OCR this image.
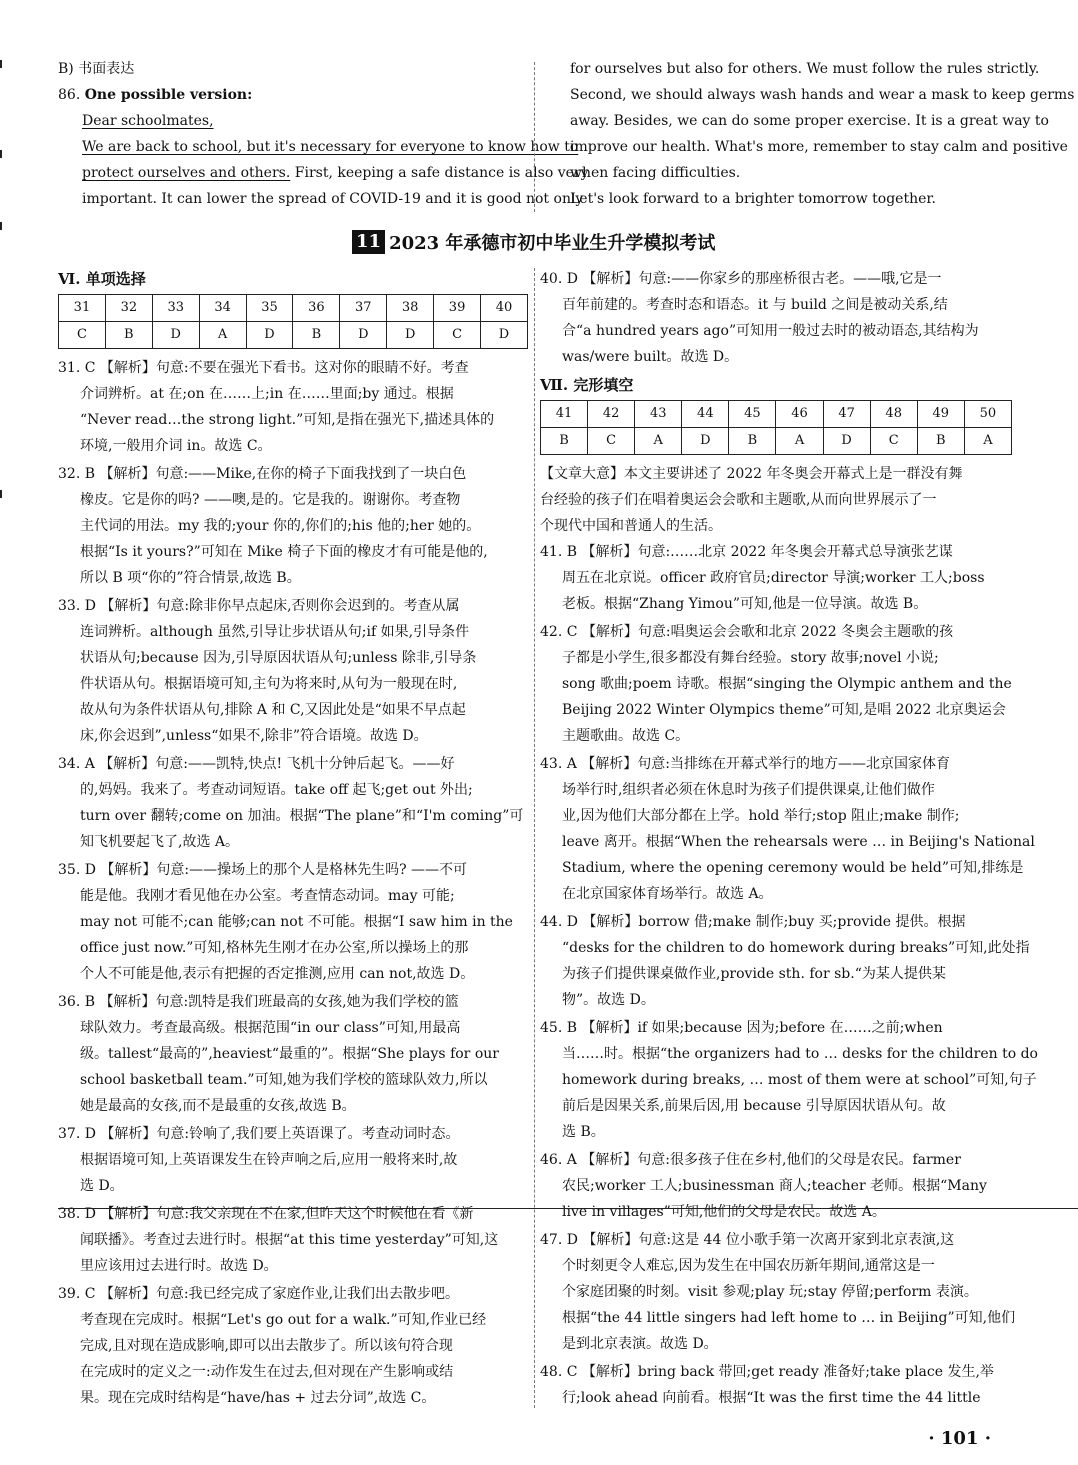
B) 书面表达
86. One possible version:
Dear schoolmates,
We are back to school, but it's necessary for everyone to know how to
protect ourselves and others. First, keeping a safe distance is also very
important. It can lower the spread of COVID-19 and it is good not only
for ourselves but also for others. We must follow the rules strictly.
Second, we should always wash hands and wear a mask to keep germs
away. Besides, we can do some proper exercise. It is a great way to
improve our health. What's more, remember to stay calm and positive
when facing difficulties.
Let's look forward to a brighter tomorrow together.
11 2023 年承德市初中毕业生升学模拟考试
Ⅵ. 单项选择
31	32	33	34	35	36	37	38	39	40
C	B	D	A	D	B	D	D	C	D
31. C 【解析】句意:不要在强光下看书。这对你的眼睛不好。考查
介词辨析。at 在;on 在……上;in 在……里面;by 通过。根据
“Never read…the strong light.”可知,是指在强光下,描述具体的
环境,一般用介词 in。故选 C。
32. B 【解析】句意:——Mike,在你的椅子下面我找到了一块白色
橡皮。它是你的吗? ——噢,是的。它是我的。谢谢你。考查物
主代词的用法。my 我的;your 你的,你们的;his 他的;her 她的。
根据“Is it yours?”可知在 Mike 椅子下面的橡皮才有可能是他的,
所以 B 项“你的”符合情景,故选 B。
33. D 【解析】句意:除非你早点起床,否则你会迟到的。考查从属
连词辨析。although 虽然,引导让步状语从句;if 如果,引导条件
状语从句;because 因为,引导原因状语从句;unless 除非,引导条
件状语从句。根据语境可知,主句为将来时,从句为一般现在时,
故从句为条件状语从句,排除 A 和 C,又因此处是“如果不早点起
床,你会迟到”,unless“如果不,除非”符合语境。故选 D。
34. A 【解析】句意:——凯特,快点! 飞机十分钟后起飞。——好
的,妈妈。我来了。考查动词短语。take off 起飞;get out 外出;
turn over 翻转;come on 加油。根据“The plane”和“I'm coming”可
知飞机要起飞了,故选 A。
35. D 【解析】句意:——操场上的那个人是格林先生吗? ——不可
能是他。我刚才看见他在办公室。考查情态动词。may 可能;
may not 可能不;can 能够;can not 不可能。根据“I saw him in the
office just now.”可知,格林先生刚才在办公室,所以操场上的那
个人不可能是他,表示有把握的否定推测,应用 can not,故选 D。
36. B 【解析】句意:凯特是我们班最高的女孩,她为我们学校的篮
球队效力。考查最高级。根据范围“in our class”可知,用最高
级。tallest“最高的”,heaviest“最重的”。根据“She plays for our
school basketball team.”可知,她为我们学校的篮球队效力,所以
她是最高的女孩,而不是最重的女孩,故选 B。
37. D 【解析】句意:铃响了,我们要上英语课了。考查动词时态。
根据语境可知,上英语课发生在铃声响之后,应用一般将来时,故
选 D。
38. D 【解析】句意:我父亲现在不在家,但昨天这个时候他在看《新
闻联播》。考查过去进行时。根据“at this time yesterday”可知,这
里应该用过去进行时。故选 D。
39. C 【解析】句意:我已经完成了家庭作业,让我们出去散步吧。
考查现在完成时。根据“Let's go out for a walk.”可知,作业已经
完成,且对现在造成影响,即可以出去散步了。所以该句符合现
在完成时的定义之一:动作发生在过去,但对现在产生影响或结
果。现在完成时结构是“have/has + 过去分词”,故选 C。
40. D 【解析】句意:——你家乡的那座桥很古老。——哦,它是一
百年前建的。考查时态和语态。it 与 build 之间是被动关系,结
合“a hundred years ago”可知用一般过去时的被动语态,其结构为
was/were built。故选 D。
Ⅶ. 完形填空
41	42	43	44	45	46	47	48	49	50
B	C	A	D	B	A	D	C	B	A
【文章大意】本文主要讲述了 2022 年冬奥会开幕式上是一群没有舞
台经验的孩子们在唱着奥运会会歌和主题歌,从而向世界展示了一
个现代中国和普通人的生活。
41. B 【解析】句意:……北京 2022 年冬奥会开幕式总导演张艺谋
周五在北京说。officer 政府官员;director 导演;worker 工人;boss
老板。根据“Zhang Yimou”可知,他是一位导演。故选 B。
42. C 【解析】句意:唱奥运会会歌和北京 2022 冬奥会主题歌的孩
子都是小学生,很多都没有舞台经验。story 故事;novel 小说;
song 歌曲;poem 诗歌。根据“singing the Olympic anthem and the
Beijing 2022 Winter Olympics theme”可知,是唱 2022 北京奥运会
主题歌曲。故选 C。
43. A 【解析】句意:当排练在开幕式举行的地方——北京国家体育
场举行时,组织者必须在休息时为孩子们提供课桌,让他们做作
业,因为他们大部分都在上学。hold 举行;stop 阻止;make 制作;
leave 离开。根据“When the rehearsals were … in Beijing's National
Stadium, where the opening ceremony would be held”可知,排练是
在北京国家体育场举行。故选 A。
44. D 【解析】borrow 借;make 制作;buy 买;provide 提供。根据
“desks for the children to do homework during breaks”可知,此处指
为孩子们提供课桌做作业,provide sth. for sb.“为某人提供某
物”。故选 D。
45. B 【解析】if 如果;because 因为;before 在……之前;when
当……时。根据“the organizers had to … desks for the children to do
homework during breaks, … most of them were at school”可知,句子
前后是因果关系,前果后因,用 because 引导原因状语从句。故
选 B。
46. A 【解析】句意:很多孩子住在乡村,他们的父母是农民。farmer
农民;worker 工人;businessman 商人;teacher 老师。根据“Many
live in villages”可知,他们的父母是农民。故选 A。
47. D 【解析】句意:这是 44 位小歌手第一次离开家到北京表演,这
个时刻更令人难忘,因为发生在中国农历新年期间,通常这是一
个家庭团聚的时刻。visit 参观;play 玩;stay 停留;perform 表演。
根据“the 44 little singers had left home to … in Beijing”可知,他们
是到北京表演。故选 D。
48. C 【解析】bring back 带回;get ready 准备好;take place 发生,举
行;look ahead 向前看。根据“It was the first time the 44 little
· 101 ·
